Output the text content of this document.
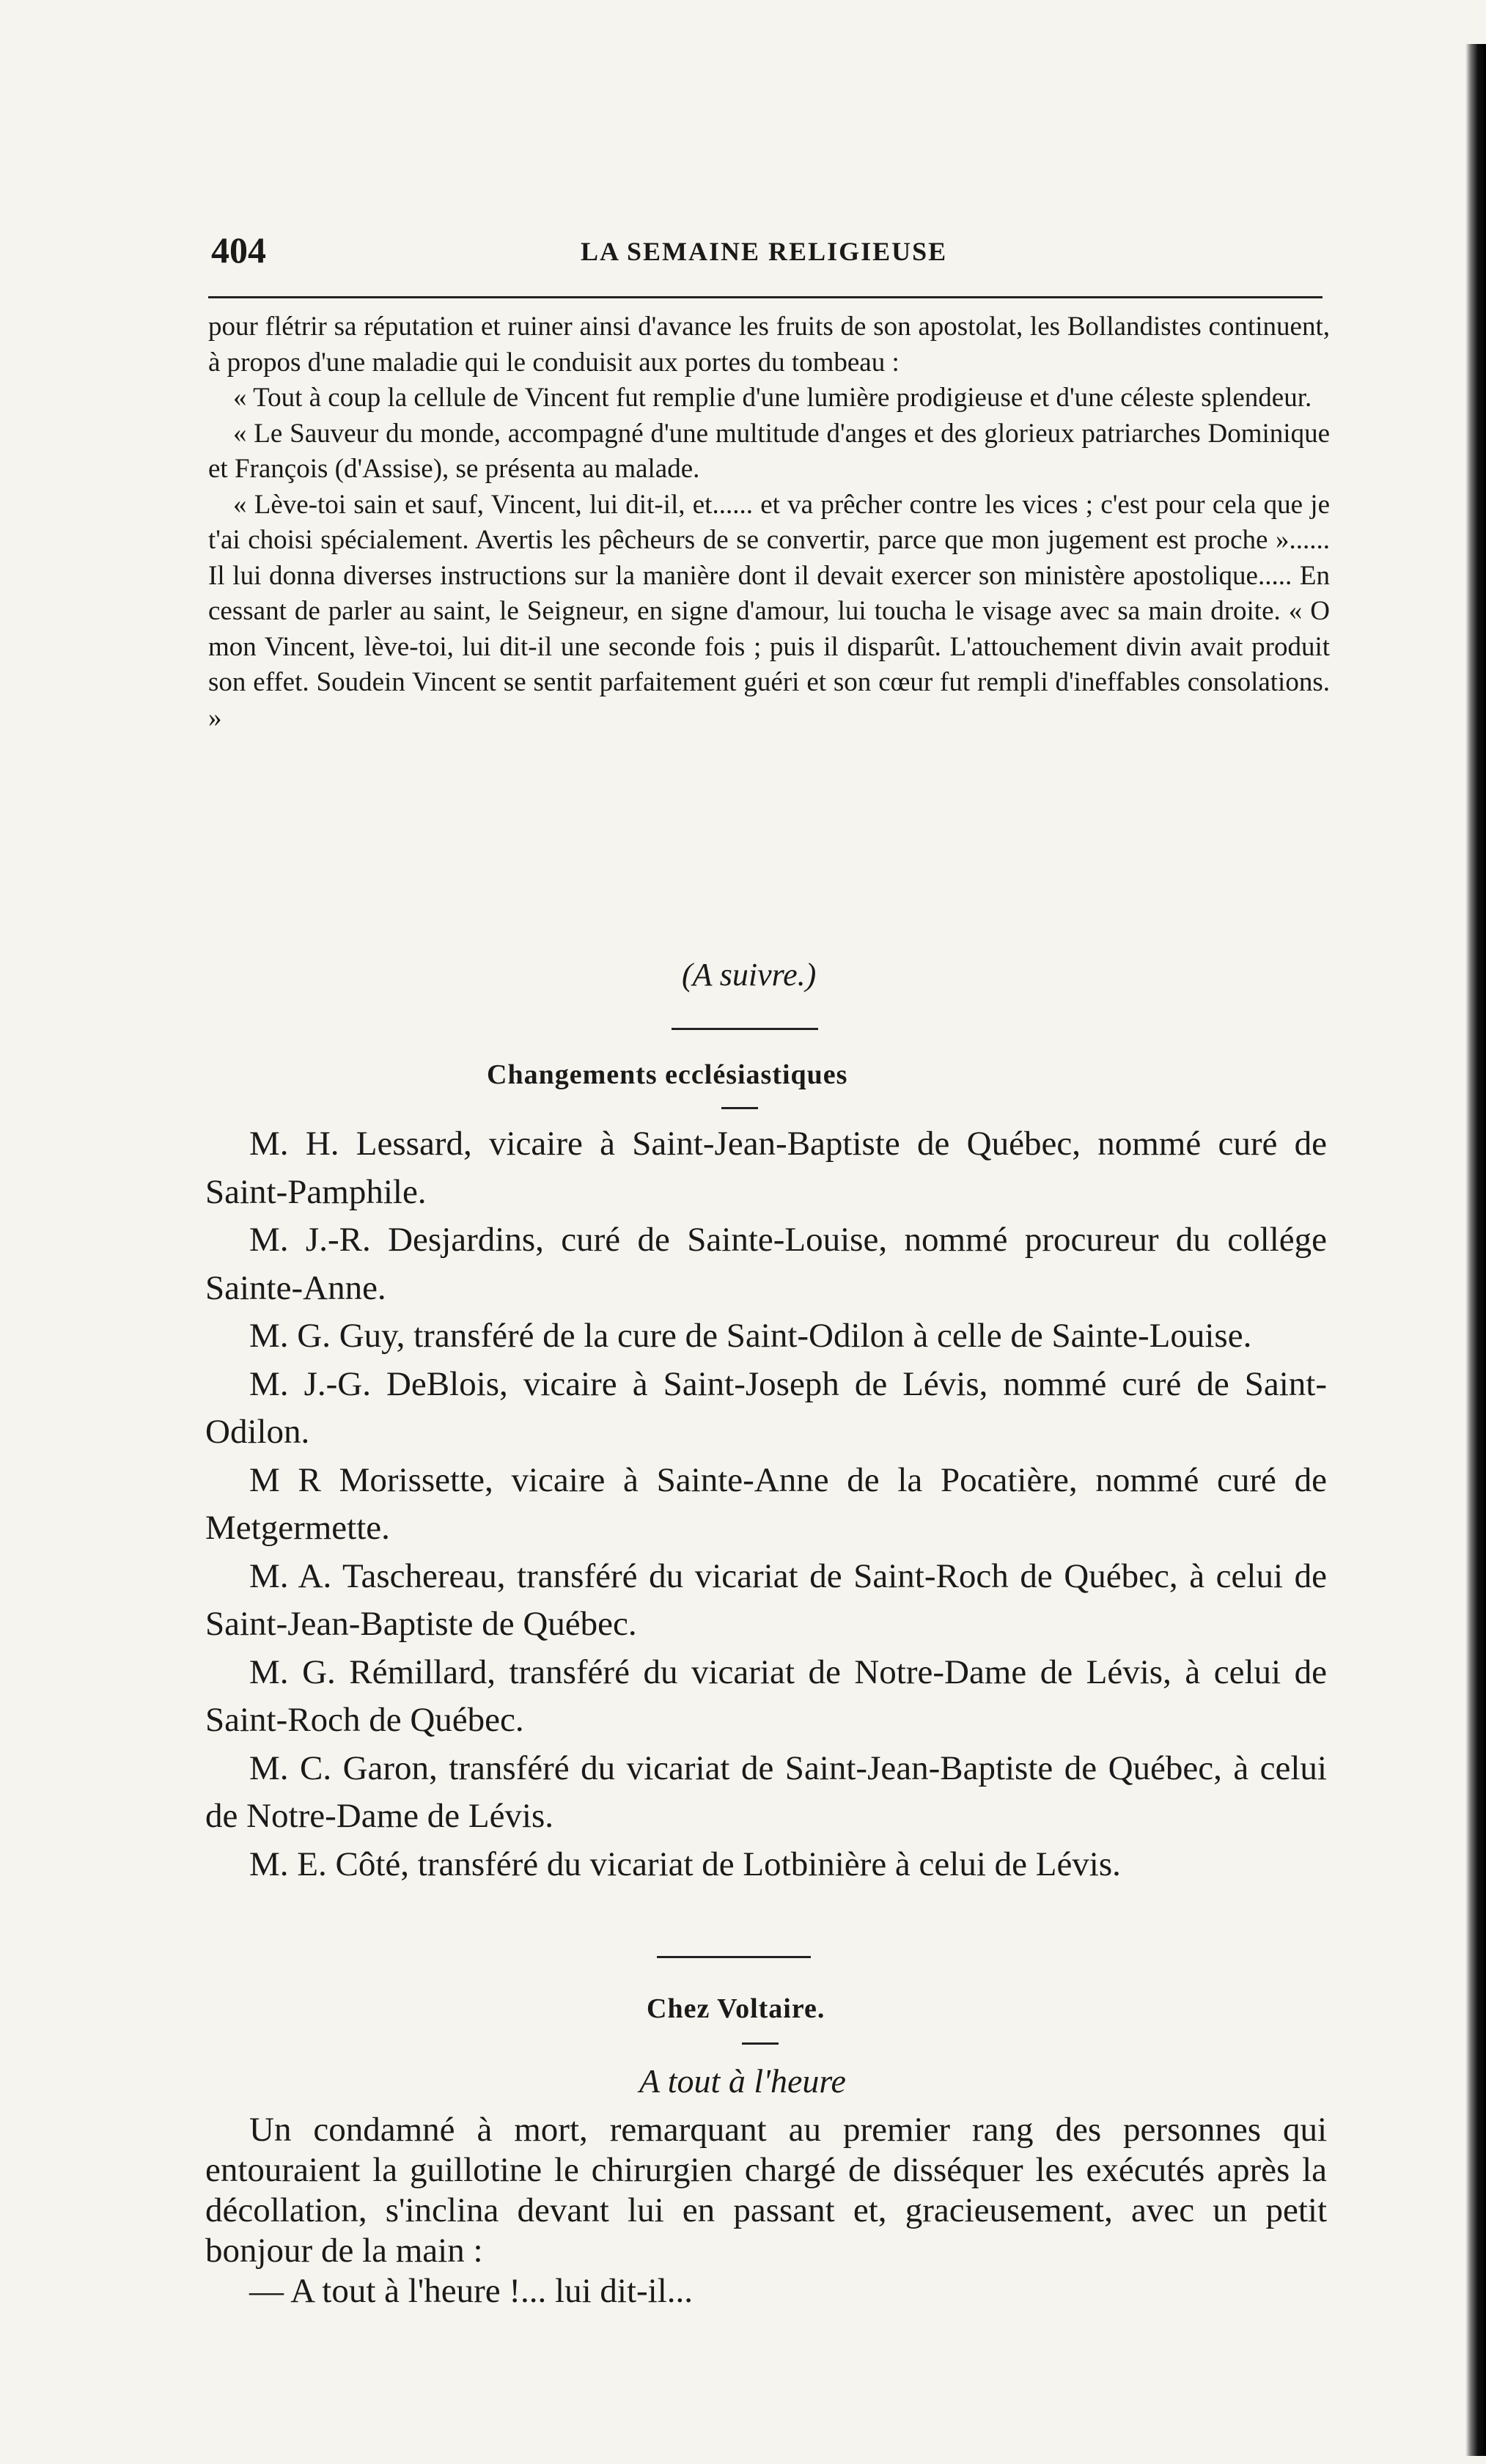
404	LA SEMAINE RELIGIEUSE

pour flétrir sa réputation et ruiner ainsi d'avance les fruits de son apostolat, les Bollandistes continuent, à propos d'une maladie qui le conduisit aux portes du tombeau :

« Tout à coup la cellule de Vincent fut remplie d'une lumière prodigieuse et d'une céleste splendeur.

« Le Sauveur du monde, accompagné d'une multitude d'anges et des glorieux patriarches Dominique et François (d'Assise), se présenta au malade.

« Lève-toi sain et sauf, Vincent, lui dit-il, et...... et va prêcher contre les vices ; c'est pour cela que je t'ai choisi spécialement. Avertis les pêcheurs de se convertir, parce que mon jugement est proche »...... Il lui donna diverses instructions sur la manière dont il devait exercer son ministère apostolique..... En cessant de parler au saint, le Seigneur, en signe d'amour, lui toucha le visage avec sa main droite. « O mon Vincent, lève-toi, lui dit-il une seconde fois ; puis il disparût. L'attouchement divin avait produit son effet. Soudein Vincent se sentit parfaitement guéri et son cœur fut rempli d'ineffables consolations. »

(A suivre.)
Changements ecclésiastiques

M. H. Lessard, vicaire à Saint-Jean-Baptiste de Québec, nommé curé de Saint-Pamphile.

M. J.-R. Desjardins, curé de Sainte-Louise, nommé procureur du collége Sainte-Anne.

M. G. Guy, transféré de la cure de Saint-Odilon à celle de Sainte-Louise.

M. J.-G. DeBlois, vicaire à Saint-Joseph de Lévis, nommé curé de Saint-Odilon.

M R Morissette, vicaire à Sainte-Anne de la Pocatière, nommé curé de Metgermette.

M. A. Taschereau, transféré du vicariat de Saint-Roch de Québec, à celui de Saint-Jean-Baptiste de Québec.

M. G. Rémillard, transféré du vicariat de Notre-Dame de Lévis, à celui de Saint-Roch de Québec.

M. C. Garon, transféré du vicariat de Saint-Jean-Baptiste de Québec, à celui de Notre-Dame de Lévis.

M. E. Côté, transféré du vicariat de Lotbinière à celui de Lévis.

Chez Voltaire.
A tout à l'heure

Un condamné à mort, remarquant au premier rang des personnes qui entouraient la guillotine le chirurgien chargé de disséquer les exécutés après la décollation, s'inclina devant lui en passant et, gracieusement, avec un petit bonjour de la main :

— A tout à l'heure !... lui dit-il...
